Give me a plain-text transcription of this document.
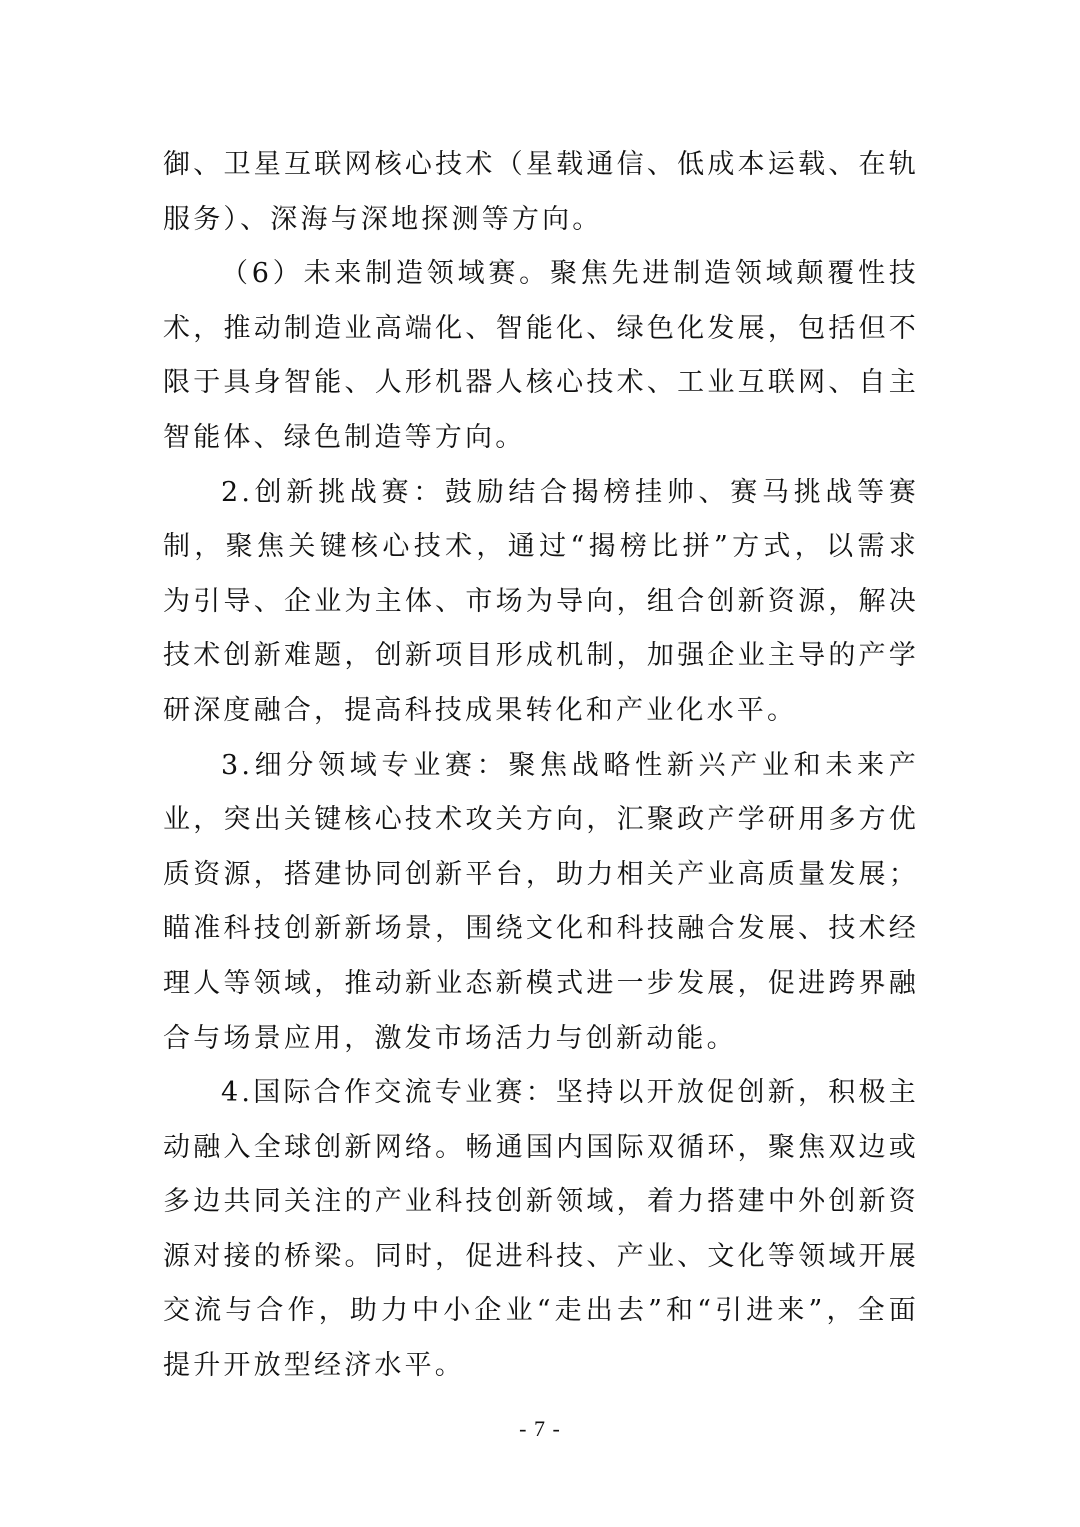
御、卫星互联网核心技术（星载通信、低成本运载、在轨服务）、深海与深地探测等方向。

（6）未来制造领域赛。聚焦先进制造领域颠覆性技术，推动制造业高端化、智能化、绿色化发展，包括但不限于具身智能、人形机器人核心技术、工业互联网、自主智能体、绿色制造等方向。

2.创新挑战赛：鼓励结合揭榜挂帅、赛马挑战等赛制，聚焦关键核心技术，通过“揭榜比拼”方式，以需求为引导、企业为主体、市场为导向，组合创新资源，解决技术创新难题，创新项目形成机制，加强企业主导的产学研深度融合，提高科技成果转化和产业化水平。

3.细分领域专业赛：聚焦战略性新兴产业和未来产业，突出关键核心技术攻关方向，汇聚政产学研用多方优质资源，搭建协同创新平台，助力相关产业高质量发展；瞄准科技创新新场景，围绕文化和科技融合发展、技术经理人等领域，推动新业态新模式进一步发展，促进跨界融合与场景应用，激发市场活力与创新动能。

4.国际合作交流专业赛：坚持以开放促创新，积极主动融入全球创新网络。畅通国内国际双循环，聚焦双边或多边共同关注的产业科技创新领域，着力搭建中外创新资源对接的桥梁。同时，促进科技、产业、文化等领域开展交流与合作，助力中小企业“走出去”和“引进来”，全面提升开放型经济水平。

- 7 -
